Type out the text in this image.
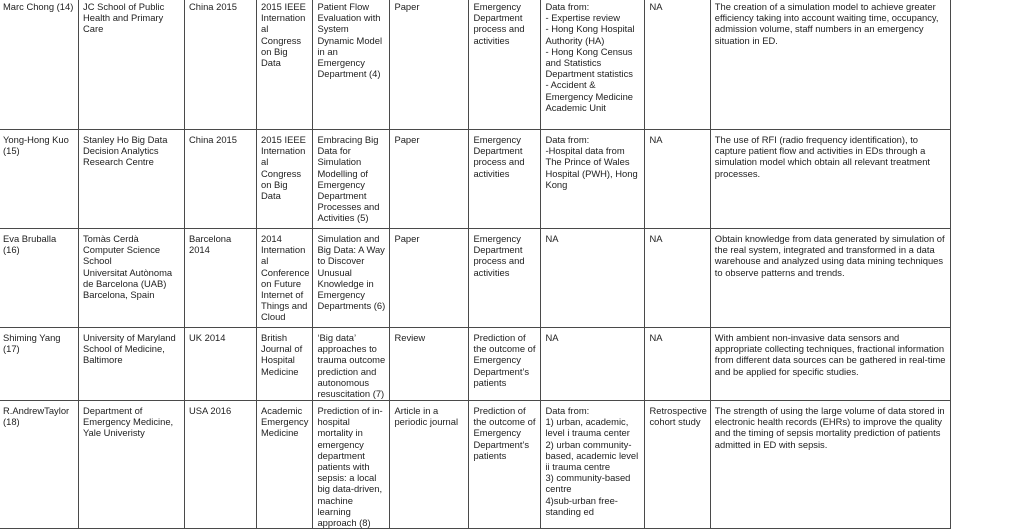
Marc Chong (14)	JC School of Public Health and Primary Care	China 2015	2015 IEEE Internation al Congress on Big Data	Patient Flow Evaluation with System Dynamic Model in an Emergency Department (4)	Paper	Emergency Department process and activities	Data from:
- Expertise review
- Hong Kong Hospital Authority (HA)
- Hong Kong Census and Statistics Department statistics
- Accident & Emergency Medicine Academic Unit	NA	The creation of a simulation model to achieve greater efficiency taking into account waiting time, occupancy, admission volume, staff numbers in an emergency situation in ED.
Yong-Hong Kuo (15)	Stanley Ho Big Data Decision Analytics Research Centre	China 2015	2015 IEEE Internation al Congress on Big Data	Embracing Big Data for Simulation Modelling of Emergency Department Processes and Activities (5)	Paper	Emergency Department process and activities	Data from:
-Hospital data from The Prince of Wales Hospital (PWH), Hong Kong	NA	The use of RFI (radio frequency identification), to capture patient flow and activities in EDs through a simulation model which obtain all relevant treatment processes.
Eva Bruballa (16)	Tomàs Cerdà Computer Science School
Universitat Autònoma de Barcelona (UAB) Barcelona, Spain	Barcelona 2014	2014 Internation al Conference on Future Internet of Things and Cloud	Simulation and Big Data: A Way to Discover Unusual Knowledge in Emergency Departments (6)	Paper	Emergency Department process and activities	NA	NA	Obtain knowledge from data generated by simulation of the real system, integrated and transformed in a data warehouse and analyzed using data mining techniques to observe patterns and trends.
Shiming Yang (17)	University of Maryland School of Medicine, Baltimore	UK 2014	British Journal of Hospital Medicine	‘Big data’ approaches to trauma outcome prediction and autonomous resuscitation (7)	Review	Prediction of the outcome of Emergency Department’s patients	NA	NA	With ambient non-invasive data sensors and appropriate collecting techniques, fractional information from different data sources can be gathered in real-time and be applied for specific studies.
R.AndrewTaylor (18)	Department of Emergency Medicine, Yale Univeristy	USA 2016	Academic Emergency Medicine	Prediction of in-hospital mortality in emergency department patients with sepsis: a local big data-driven, machine learning approach (8)	Article in a periodic journal	Prediction of the outcome of Emergency Department’s patients	Data from:
1) urban, academic, level i trauma center
2) urban community-based, academic level ii trauma centre
3) community-based centre
4)sub-urban free-standing ed	Retrospective cohort study	The strength of using the large volume of data stored in electronic health records (EHRs) to improve the quality and the timing of sepsis mortality prediction of patients admitted in ED with sepsis.
